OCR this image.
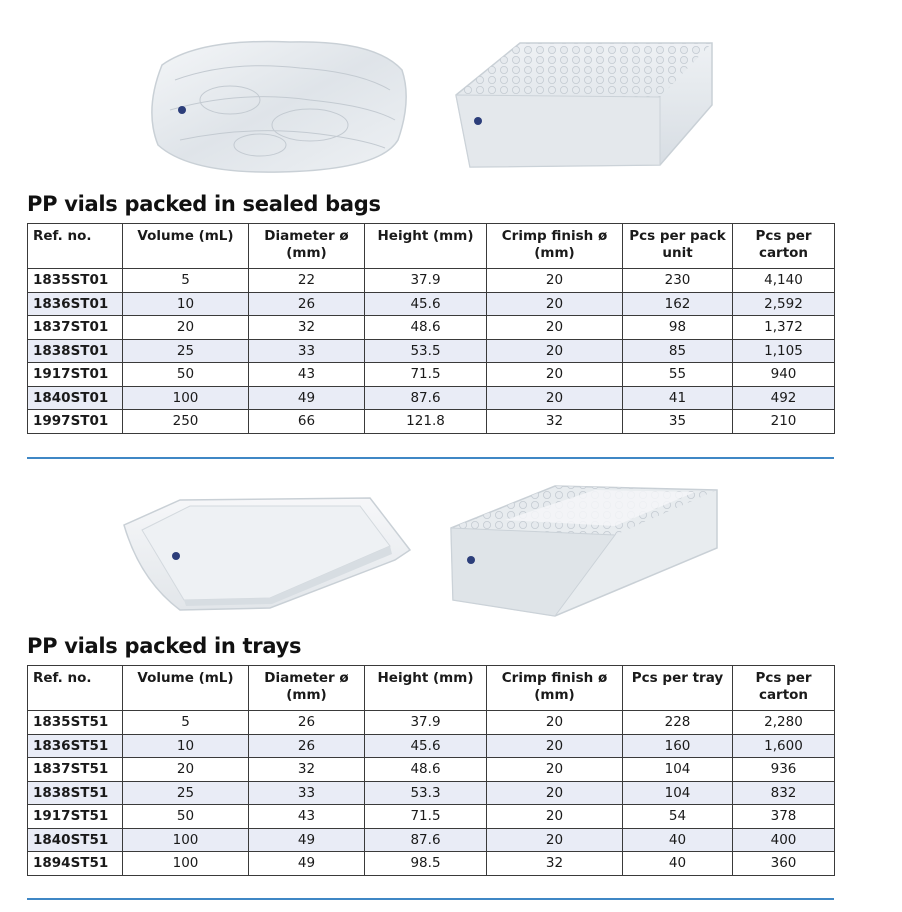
PP vials packed in sealed bags
Ref. no.	Volume (mL)	Diameter ø (mm)	Height (mm)	Crimp finish ø (mm)	Pcs per pack unit	Pcs per carton
1835ST01	5	22	37.9	20	230	4,140
1836ST01	10	26	45.6	20	162	2,592
1837ST01	20	32	48.6	20	98	1,372
1838ST01	25	33	53.5	20	85	1,105
1917ST01	50	43	71.5	20	55	940
1840ST01	100	49	87.6	20	41	492
1997ST01	250	66	121.8	32	35	210
PP vials packed in trays
Ref. no.	Volume (mL)	Diameter ø (mm)	Height (mm)	Crimp finish ø (mm)	Pcs per tray	Pcs per carton
1835ST51	5	26	37.9	20	228	2,280
1836ST51	10	26	45.6	20	160	1,600
1837ST51	20	32	48.6	20	104	936
1838ST51	25	33	53.3	20	104	832
1917ST51	50	43	71.5	20	54	378
1840ST51	100	49	87.6	20	40	400
1894ST51	100	49	98.5	32	40	360
